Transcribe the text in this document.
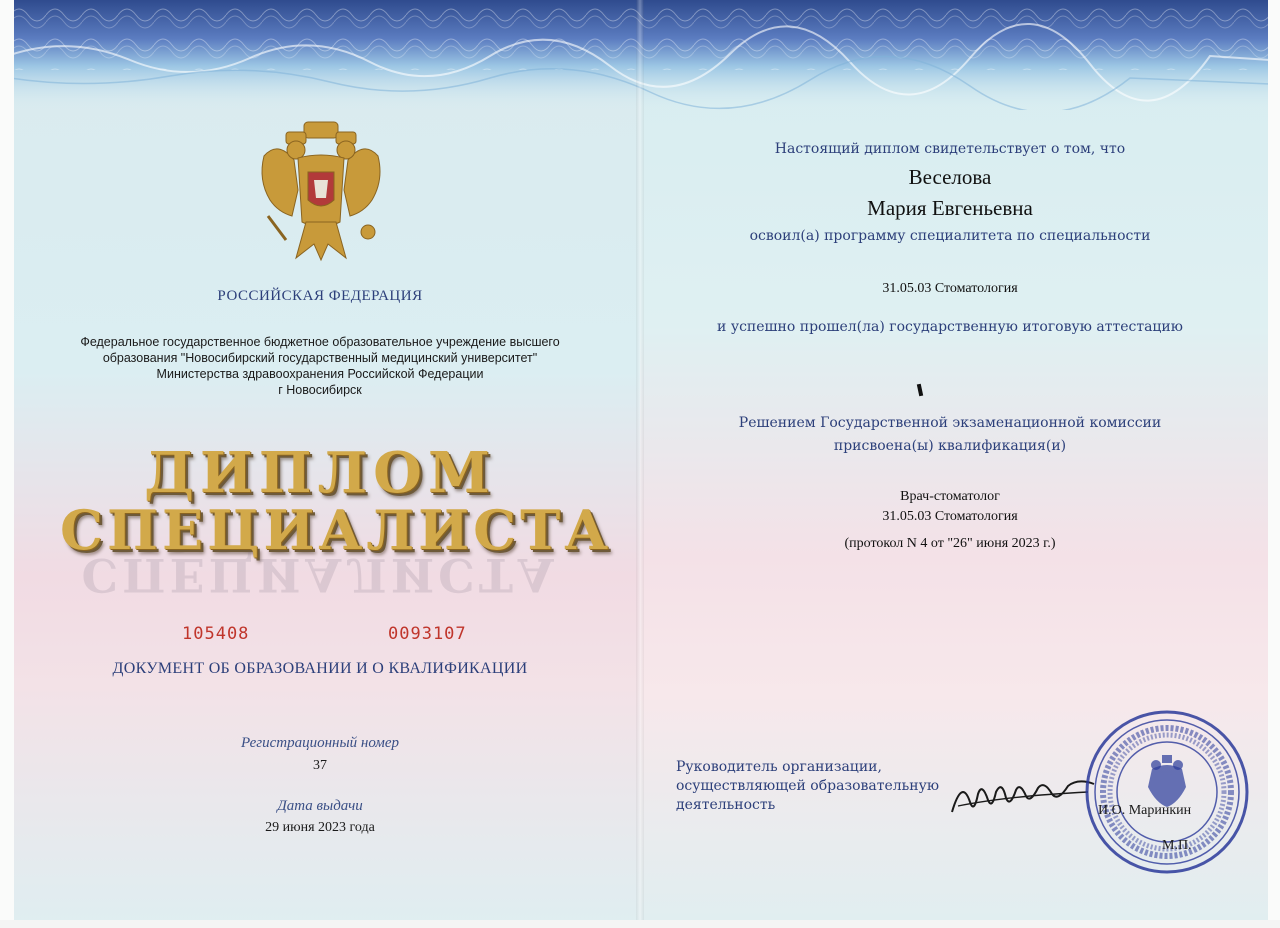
РОССИЙСКАЯ ФЕДЕРАЦИЯ
Федеральное государственное бюджетное образовательное учреждение высшего
образования "Новосибирский государственный медицинский университет"
Министерства здравоохранения Российской Федерации
г Новосибирск
ДИПЛОМ
СПЕЦИАЛИСТА
СПЕЦИАЛИСТА
105408	0093107
ДОКУМЕНТ ОБ ОБРАЗОВАНИИ И О КВАЛИФИКАЦИИ
Регистрационный номер
37
Дата выдачи
29 июня 2023 года
Настоящий диплом свидетельствует о том, что
Веселова
Мария Евгеньевна
освоил(а) программу специалитета по специальности
31.05.03 Стоматология
и успешно прошел(ла) государственную итоговую аттестацию
Решением Государственной экзаменационной комиссии
присвоена(ы) квалификация(и)
Врач-стоматолог
31.05.03 Стоматология
(протокол N 4 от "26" июня 2023 г.)
Руководитель организации,
осуществляющей образовательную
деятельность	И.О. Маринкин
М.П.
